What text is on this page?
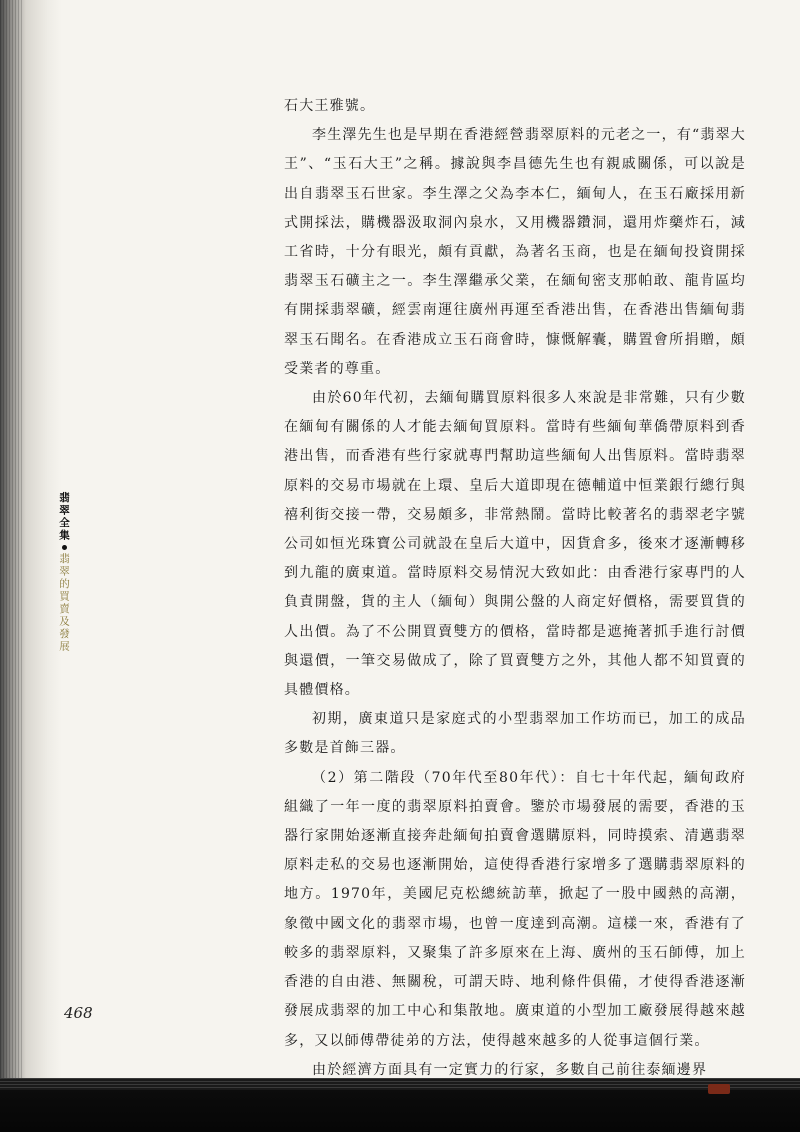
翡翠全集翡翠的買賣及發展

石大王雅號。

李生澤先生也是早期在香港經營翡翠原料的元老之一，有“翡翠大王”、“玉石大王”之稱。據說與李昌德先生也有親戚關係，可以說是出自翡翠玉石世家。李生澤之父為李本仁，緬甸人，在玉石廠採用新式開採法，購機器汲取洞內泉水，又用機器鑽洞，還用炸藥炸石，減工省時，十分有眼光，頗有貢獻，為著名玉商，也是在緬甸投資開採翡翠玉石礦主之一。李生澤繼承父業，在緬甸密支那帕敢、龍肯區均有開採翡翠礦，經雲南運往廣州再運至香港出售，在香港出售緬甸翡翠玉石聞名。在香港成立玉石商會時，慷慨解囊，購置會所捐贈，頗受業者的尊重。

由於60年代初，去緬甸購買原料很多人來說是非常難，只有少數在緬甸有關係的人才能去緬甸買原料。當時有些緬甸華僑帶原料到香港出售，而香港有些行家就專門幫助這些緬甸人出售原料。當時翡翠原料的交易市場就在上環、皇后大道即現在德輔道中恒業銀行總行與禧利街交接一帶，交易頗多，非常熱鬧。當時比較著名的翡翠老字號公司如恒光珠寶公司就設在皇后大道中，因貨倉多，後來才逐漸轉移到九龍的廣東道。當時原料交易情況大致如此：由香港行家專門的人負責開盤，貨的主人（緬甸）與開公盤的人商定好價格，需要買貨的人出價。為了不公開買賣雙方的價格，當時都是遮掩著抓手進行討價與還價，一筆交易做成了，除了買賣雙方之外，其他人都不知買賣的具體價格。

初期，廣東道只是家庭式的小型翡翠加工作坊而已，加工的成品多數是首飾三器。

（2）第二階段（70年代至80年代）：自七十年代起，緬甸政府組織了一年一度的翡翠原料拍賣會。鑒於市場發展的需要，香港的玉器行家開始逐漸直接奔赴緬甸拍賣會選購原料，同時摸索、清邁翡翠原料走私的交易也逐漸開始，這使得香港行家增多了選購翡翠原料的地方。1970年，美國尼克松總統訪華，掀起了一股中國熱的高潮，象徵中國文化的翡翠市場，也曾一度達到高潮。這樣一來，香港有了較多的翡翠原料，又聚集了許多原來在上海、廣州的玉石師傅，加上香港的自由港、無關稅，可謂天時、地利條件俱備，才使得香港逐漸發展成翡翠的加工中心和集散地。廣東道的小型加工廠發展得越來越多，又以師傅帶徒弟的方法，使得越來越多的人從事這個行業。

由於經濟方面具有一定實力的行家，多數自己前往泰緬邊界

468
